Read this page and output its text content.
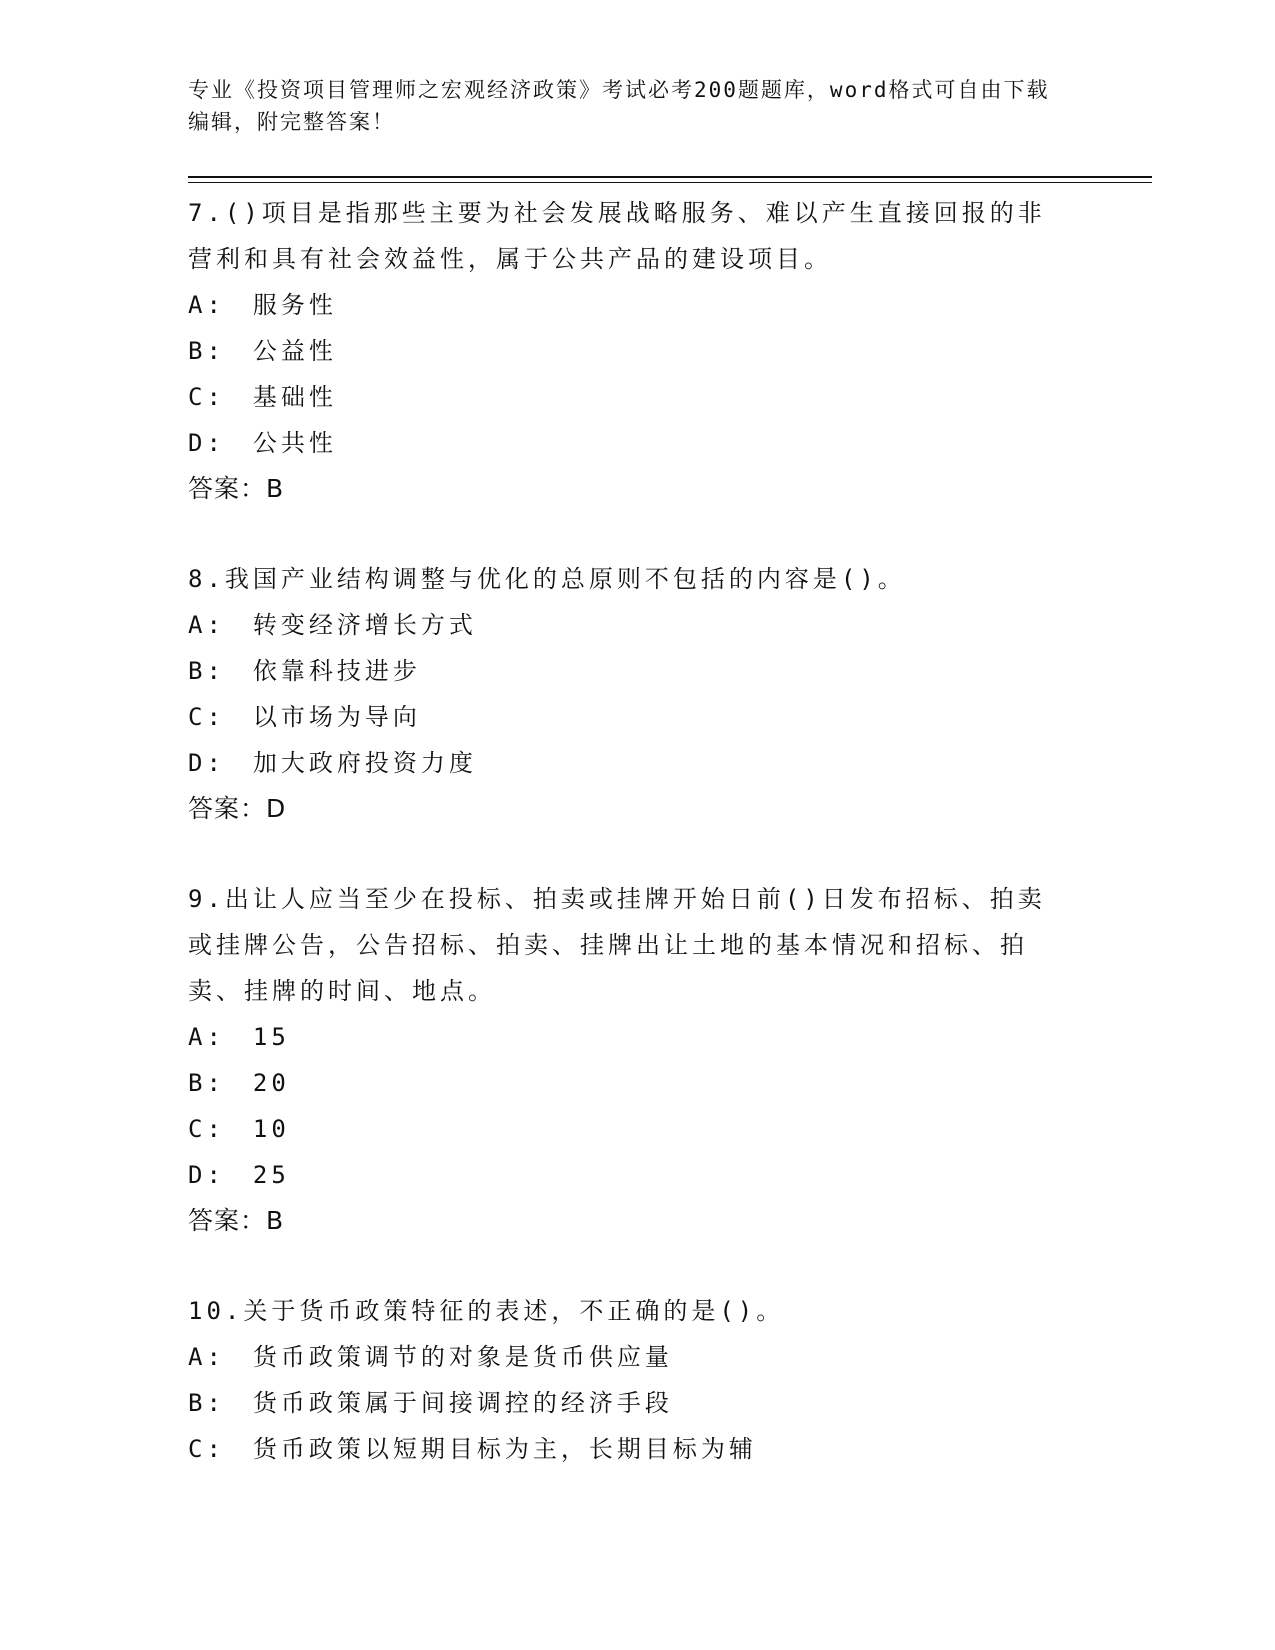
专业《投资项目管理师之宏观经济政策》考试必考200题题库，word格式可自由下载编辑，附完整答案！
7.()项目是指那些主要为社会发展战略服务、难以产生直接回报的非营利和具有社会效益性，属于公共产品的建设项目。
A: 服务性
B: 公益性
C: 基础性
D: 公共性
答案：B
8.我国产业结构调整与优化的总原则不包括的内容是()。
A: 转变经济增长方式
B: 依靠科技进步
C: 以市场为导向
D: 加大政府投资力度
答案：D
9.出让人应当至少在投标、拍卖或挂牌开始日前()日发布招标、拍卖或挂牌公告，公告招标、拍卖、挂牌出让土地的基本情况和招标、拍卖、挂牌的时间、地点。
A: 15
B: 20
C: 10
D: 25
答案：B
10.关于货币政策特征的表述，不正确的是()。
A: 货币政策调节的对象是货币供应量
B: 货币政策属于间接调控的经济手段
C: 货币政策以短期目标为主，长期目标为辅
